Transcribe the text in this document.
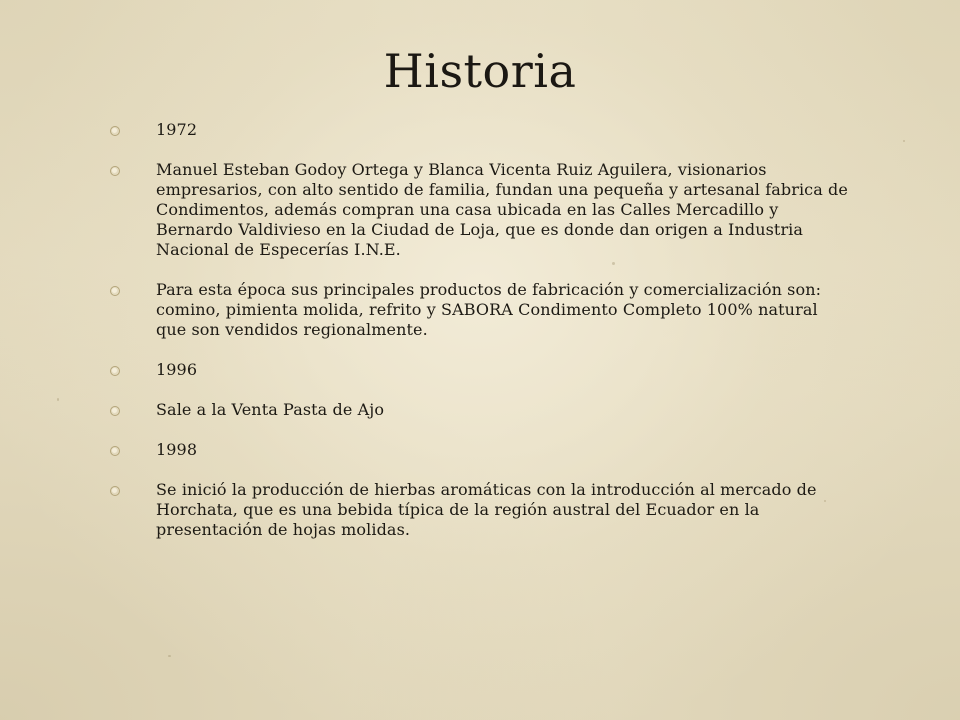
Historia
1972
Manuel Esteban Godoy Ortega y Blanca Vicenta Ruiz Aguilera, visionarios empresarios, con alto sentido de familia, fundan una pequeña y artesanal fabrica de Condimentos, además compran una casa ubicada en las Calles Mercadillo y Bernardo Valdivieso en la Ciudad de Loja, que es donde dan origen a Industria Nacional de Especerías I.N.E.
Para esta época sus principales productos de fabricación y comercialización son: comino, pimienta molida, refrito y SABORA Condimento Completo 100% natural que son vendidos regionalmente.
1996
Sale a la Venta Pasta de Ajo
1998
Se inició la producción de hierbas aromáticas con la introducción al mercado de Horchata, que es una bebida típica de la región austral del Ecuador en la presentación de hojas molidas.
